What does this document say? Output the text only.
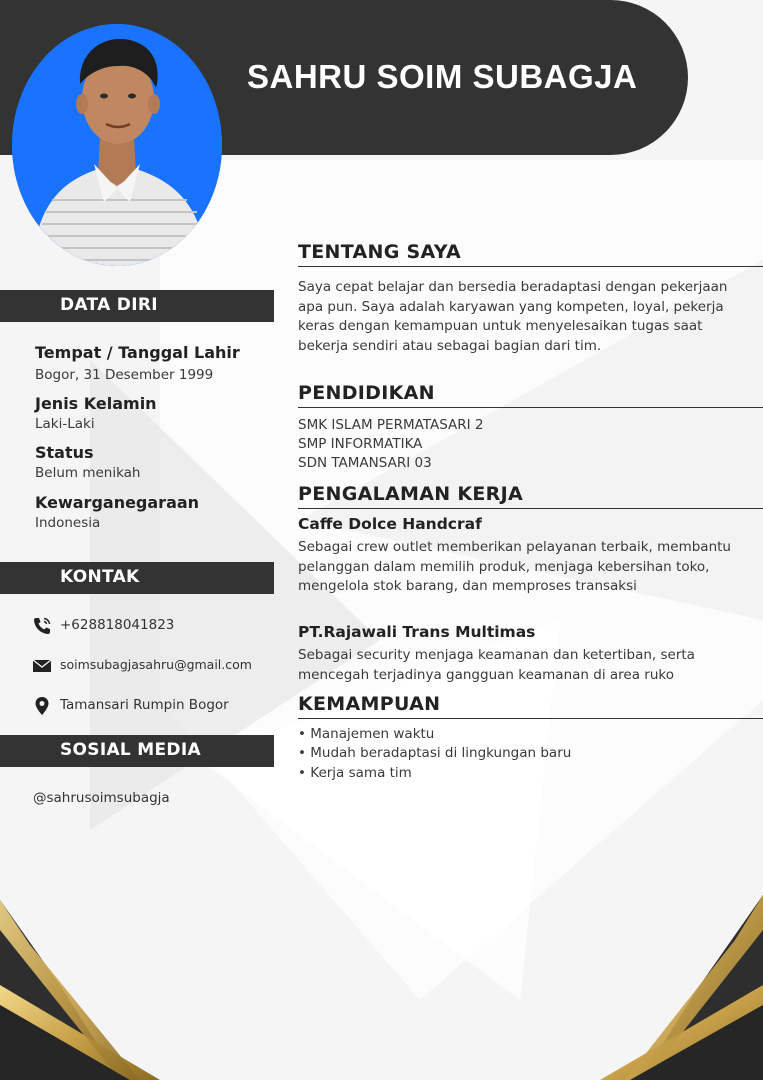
SAHRU SOIM SUBAGJA
DATA DIRI
Tempat / Tanggal Lahir
Bogor, 31 Desember 1999
Jenis Kelamin
Laki-Laki
Status
Belum menikah
Kewarganegaraan
Indonesia
KONTAK
+628818041823
soimsubagjasahru@gmail.com
Tamansari Rumpin Bogor
SOSIAL MEDIA
@sahrusoimsubagja
TENTANG SAYA
Saya cepat belajar dan bersedia beradaptasi dengan pekerjaan apa pun. Saya adalah karyawan yang kompeten, loyal, pekerja keras dengan kemampuan untuk menyelesaikan tugas saat bekerja sendiri atau sebagai bagian dari tim.
PENDIDIKAN
SMK ISLAM PERMATASARI 2
SMP INFORMATIKA
SDN TAMANSARI 03
PENGALAMAN KERJA
Caffe Dolce Handcraf
Sebagai crew outlet memberikan pelayanan terbaik, membantu pelanggan dalam memilih produk, menjaga kebersihan toko, mengelola stok barang, dan memproses transaksi
PT.Rajawali Trans Multimas
Sebagai security menjaga keamanan dan ketertiban, serta mencegah terjadinya gangguan keamanan di area ruko
KEMAMPUAN
• Manajemen waktu
• Mudah beradaptasi di lingkungan baru
• Kerja sama tim
